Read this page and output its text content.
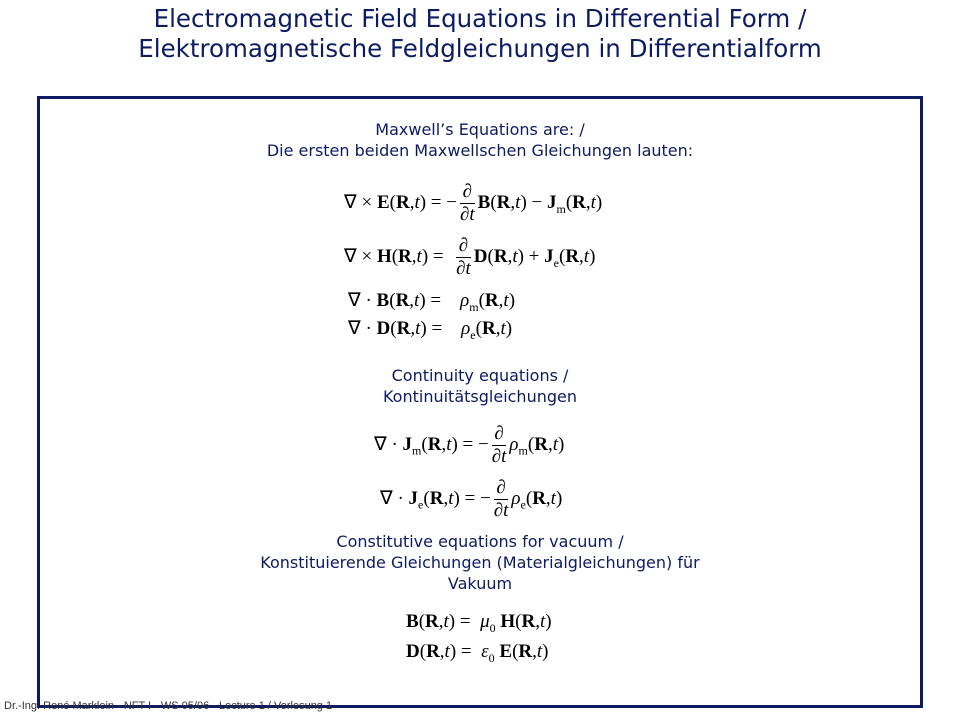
Electromagnetic Field Equations in Differential Form /
Elektromagnetische Feldgleichungen in Differentialform
Maxwell’s Equations are: /
Die ersten beiden Maxwellschen Gleichungen lauten:
∇ × E(R,t) = − $\frac{\partial}{\partial t} B(R,t) - J_m(R,t)$
∇ × $H(R,t) = \frac{\partial}{\partial t} D(R,t) + J_e(R,t)$
∇ · B(R,t) =    $\rho_m(R,t)$
∇ · D(R,t) =    $\rho_e(R,t)$
Continuity equations /
Kontinuitätsgleichungen
∇ · $J_m(R,t)$ = − $\frac{\partial}{\partial t} \rho_m(R,t)$
∇ · $J_e(R,t)$ = − $\frac{\partial}{\partial t} \rho_e(R,t)$
Constitutive equations for vacuum /
Konstituierende Gleichungen (Materialgleichungen) für
Vakuum
$B(R,t) = \mu_0$ H(R,t)
$D(R,t) = \varepsilon_0$ E(R,t)
Dr.-Ing. René Marklein - NFT I - WS 05/06 - Lecture 1 / Vorlesung 1
